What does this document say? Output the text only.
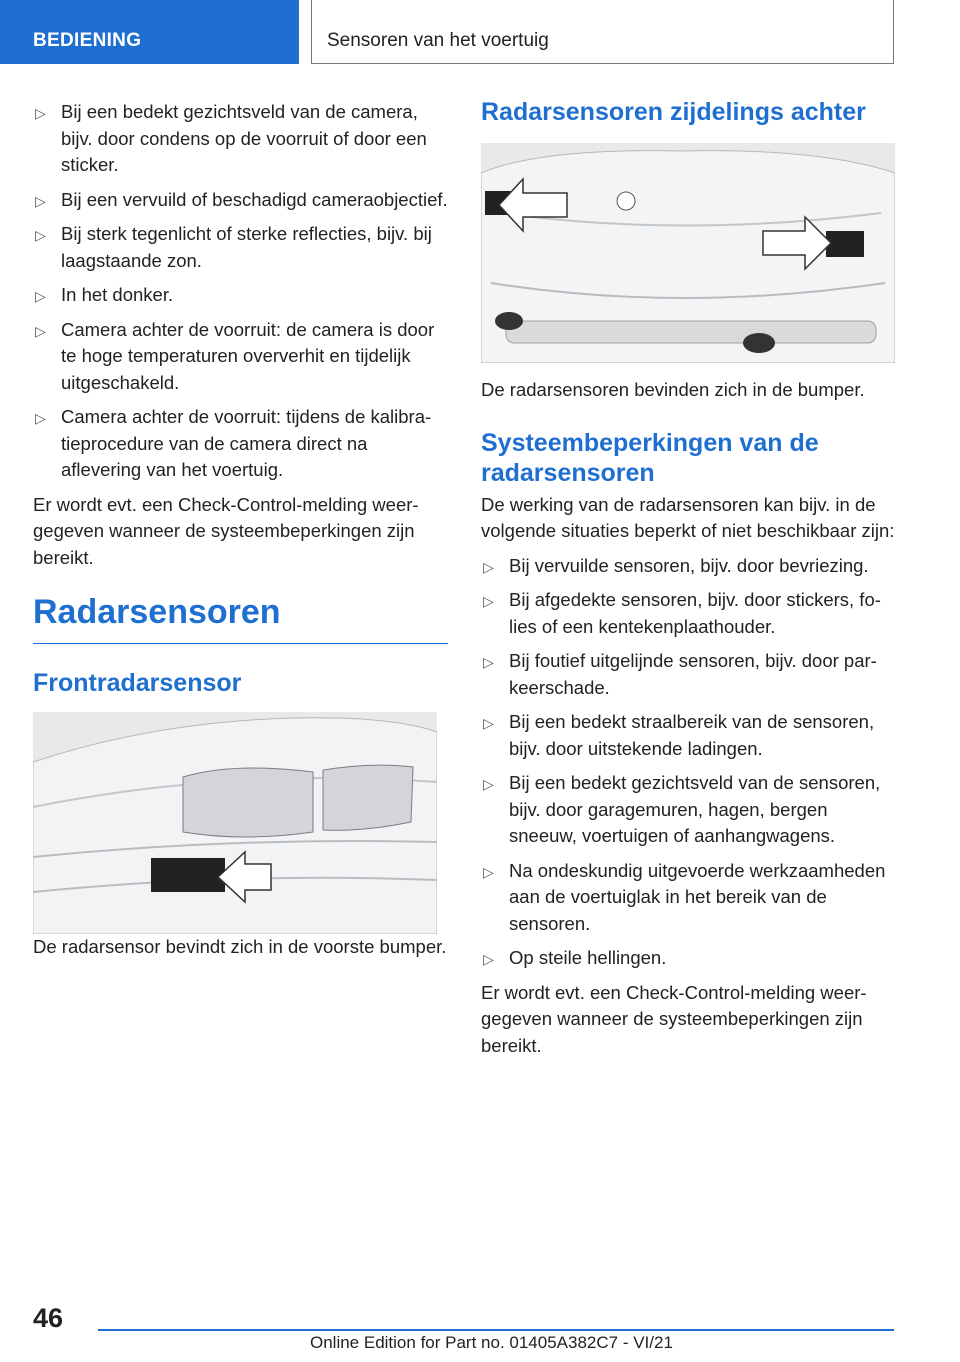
BEDIENING	Sensoren van het voertuig
▷ Bij een bedekt gezichtsveld van de camera, bijv. door condens op de voorruit of door een sticker.
▷ Bij een vervuild of beschadigd cameraobjectief.
▷ Bij sterk tegenlicht of sterke reflecties, bijv. bij laagstaande zon.
▷ In het donker.
▷ Camera achter de voorruit: de camera is door te hoge temperaturen oververhit en tijdelijk uitgeschakeld.
▷ Camera achter de voorruit: tijdens de kalibratieprocedure van de camera direct na aflevering van het voertuig.

Er wordt evt. een Check-Control-melding weergegeven wanneer de systeembeperkingen zijn bereikt.

Radarsensoren
Frontradarsensor

De radarsensor bevindt zich in de voorste bumper.

Radarsensoren zijdelings achter

De radarsensoren bevinden zich in de bumper.

Systeembeperkingen van de radarsensoren

De werking van de radarsensoren kan bijv. in de volgende situaties beperkt of niet beschikbaar zijn:

▷ Bij vervuilde sensoren, bijv. door bevriezing.
▷ Bij afgedekte sensoren, bijv. door stickers, folies of een kentekenplaathouder.
▷ Bij foutief uitgelijnde sensoren, bijv. door parkeerschade.
▷ Bij een bedekt straalbereik van de sensoren, bijv. door uitstekende ladingen.
▷ Bij een bedekt gezichtsveld van de sensoren, bijv. door garagemuren, hagen, bergen sneeuw, voertuigen of aanhangwagens.
▷ Na ondeskundig uitgevoerde werkzaamheden aan de voertuiglak in het bereik van de sensoren.
▷ Op steile hellingen.

Er wordt evt. een Check-Control-melding weergegeven wanneer de systeembeperkingen zijn bereikt.

46
Online Edition for Part no. 01405A382C7 - VI/21
